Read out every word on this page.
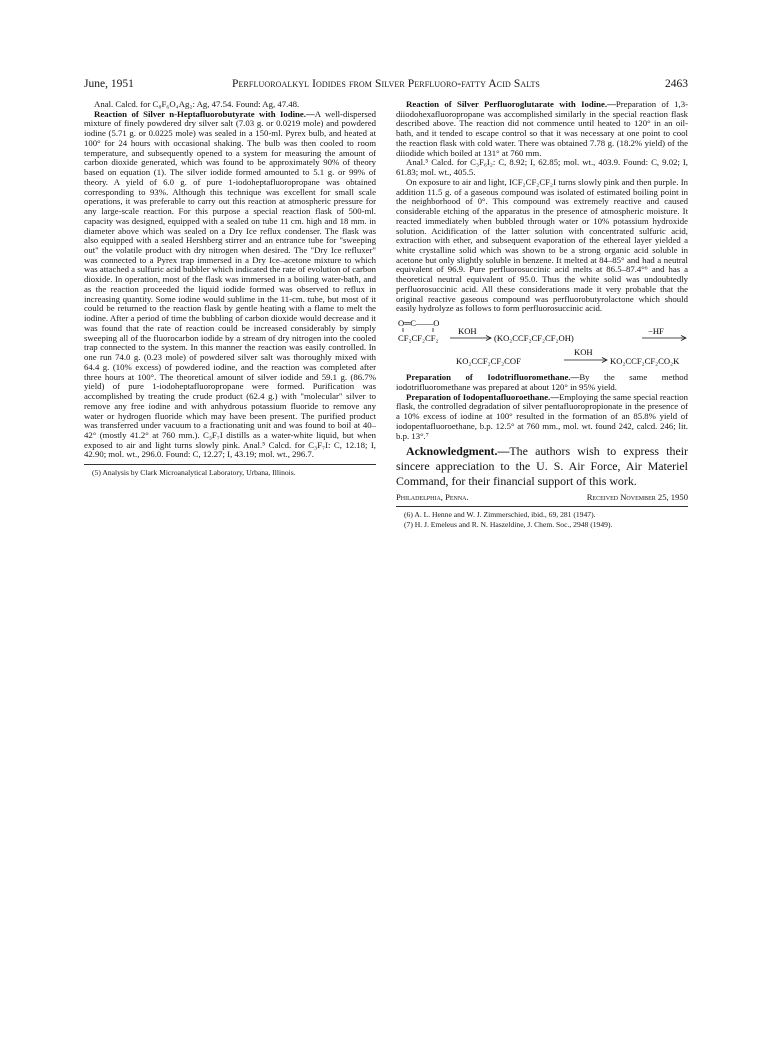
June, 1951	Perfluoroalkyl Iodides from Silver Perfluoro-fatty Acid Salts	2463

Anal. Calcd. for C₈F₆O₄Ag₂: Ag, 47.54. Found: Ag, 47.48.

Reaction of Silver n-Heptafluorobutyrate with Iodine.—A well-dispersed mixture of finely powdered dry silver salt (7.03 g. or 0.0219 mole) and powdered iodine (5.71 g. or 0.0225 mole) was sealed in a 150-ml. Pyrex bulb, and heated at 100° for 24 hours with occasional shaking. The bulb was then cooled to room temperature, and subsequently opened to a system for measuring the amount of carbon dioxide generated, which was found to be approximately 90% of theory based on equation (1). The silver iodide formed amounted to 5.1 g. or 99% of theory. A yield of 6.0 g. of pure 1-iodoheptafluoropropane was obtained corresponding to 93%. Although this technique was excellent for small scale operations, it was preferable to carry out this reaction at atmospheric pressure for any large-scale reaction. For this purpose a special reaction flask of 500-ml. capacity was designed, equipped with a sealed on tube 11 cm. high and 18 mm. in diameter above which was sealed on a Dry Ice reflux condenser. The flask was also equipped with a sealed Hershberg stirrer and an entrance tube for "sweeping out" the volatile product with dry nitrogen when desired. The "Dry Ice refluxer" was connected to a Pyrex trap immersed in a Dry Ice–acetone mixture to which was attached a sulfuric acid bubbler which indicated the rate of evolution of carbon dioxide. In operation, most of the flask was immersed in a boiling water-bath, and as the reaction proceeded the liquid iodide formed was observed to reflux in increasing quantity. Some iodine would sublime in the 11-cm. tube, but most of it could be returned to the reaction flask by gentle heating with a flame to melt the iodine. After a period of time the bubbling of carbon dioxide would decrease and it was found that the rate of reaction could be increased considerably by simply sweeping all of the fluorocarbon iodide by a stream of dry nitrogen into the cooled trap connected to the system. In this manner the reaction was easily controlled. In one run 74.0 g. (0.23 mole) of powdered silver salt was thoroughly mixed with 64.4 g. (10% excess) of powdered iodine, and the reaction was completed after three hours at 100°. The theoretical amount of silver iodide and 59.1 g. (86.7% yield) of pure 1-iodoheptafluoropropane were formed. Purification was accomplished by treating the crude product (62.4 g.) with "molecular" silver to remove any free iodine and with anhydrous potassium fluoride to remove any water or hydrogen fluoride which may have been present. The purified product was transferred under vacuum to a fractionating unit and was found to boil at 40–42° (mostly 41.2° at 760 mm.). C₃F₇I distills as a water-white liquid, but when exposed to air and light turns slowly pink. Anal.⁵ Calcd. for C₃F₇I: C, 12.18; I, 42.90; mol. wt., 296.0. Found: C, 12.27; I, 43.19; mol. wt., 296.7.

(5) Analysis by Clark Microanalytical Laboratory, Urbana, Illinois.

Reaction of Silver Perfluoroglutarate with Iodine.—Preparation of 1,3-diiodohexafluoropropane was accomplished similarly in the special reaction flask described above. The reaction did not commence until heated to 120° in an oil-bath, and it tended to escape control so that it was necessary at one point to cool the reaction flask with cold water. There was obtained 7.78 g. (18.2% yield) of the diiodide which boiled at 131° at 760 mm.

Anal.⁵ Calcd. for C₃F₆I₂: C, 8.92; I, 62.85; mol. wt., 403.9. Found: C, 9.02; I, 61.83; mol. wt., 405.5.

On exposure to air and light, ICF₂CF₂CF₂I turns slowly pink and then purple. In addition 11.5 g. of a gaseous compound was isolated of estimated boiling point in the neighborhood of 0°. This compound was extremely reactive and caused considerable etching of the apparatus in the presence of atmospheric moisture. It reacted immediately when bubbled through water or 10% potassium hydroxide solution. Acidification of the latter solution with concentrated sulfuric acid, extraction with ether, and subsequent evaporation of the ethereal layer yielded a white crystalline solid which was shown to be a strong organic acid soluble in acetone but only slightly soluble in benzene. It melted at 84–85° and had a neutral equivalent of 96.9. Pure perfluorosuccinic acid melts at 86.5–87.4°⁶ and has a theoretical neutral equivalent of 95.0. Thus the white solid was undoubtedly perfluorosuccinic acid. All these considerations made it very probable that the original reactive gaseous compound was perfluorobutyrolactone which should easily hydrolyze as follows to form perfluorosuccinic acid.

O═C——O
CF₂CF₂CF₂
KOH
(KO₂CCF₂CF₂CF₂OH)
−HF
KO₂CCF₂CF₂COF
KOH
KO₂CCF₂CF₂CO₂K

Preparation of Iodotrifluoromethane.—By the same method iodotrifluoromethane was prepared at about 120° in 95% yield.

Preparation of Iodopentafluoroethane.—Employing the same special reaction flask, the controlled degradation of silver pentafluoropropionate in the presence of a 10% excess of iodine at 100° resulted in the formation of an 85.8% yield of iodopentafluoroethane, b.p. 12.5° at 760 mm., mol. wt. found 242, calcd. 246; lit. b.p. 13°.⁷

Acknowledgment.—The authors wish to express their sincere appreciation to the U. S. Air Force, Air Materiel Command, for their financial support of this work.

Philadelphia, Penna.	Received November 25, 1950

(6) A. L. Henne and W. J. Zimmerschied, ibid., 69, 281 (1947).

(7) H. J. Emeleus and R. N. Haszeldine, J. Chem. Soc., 2948 (1949).
